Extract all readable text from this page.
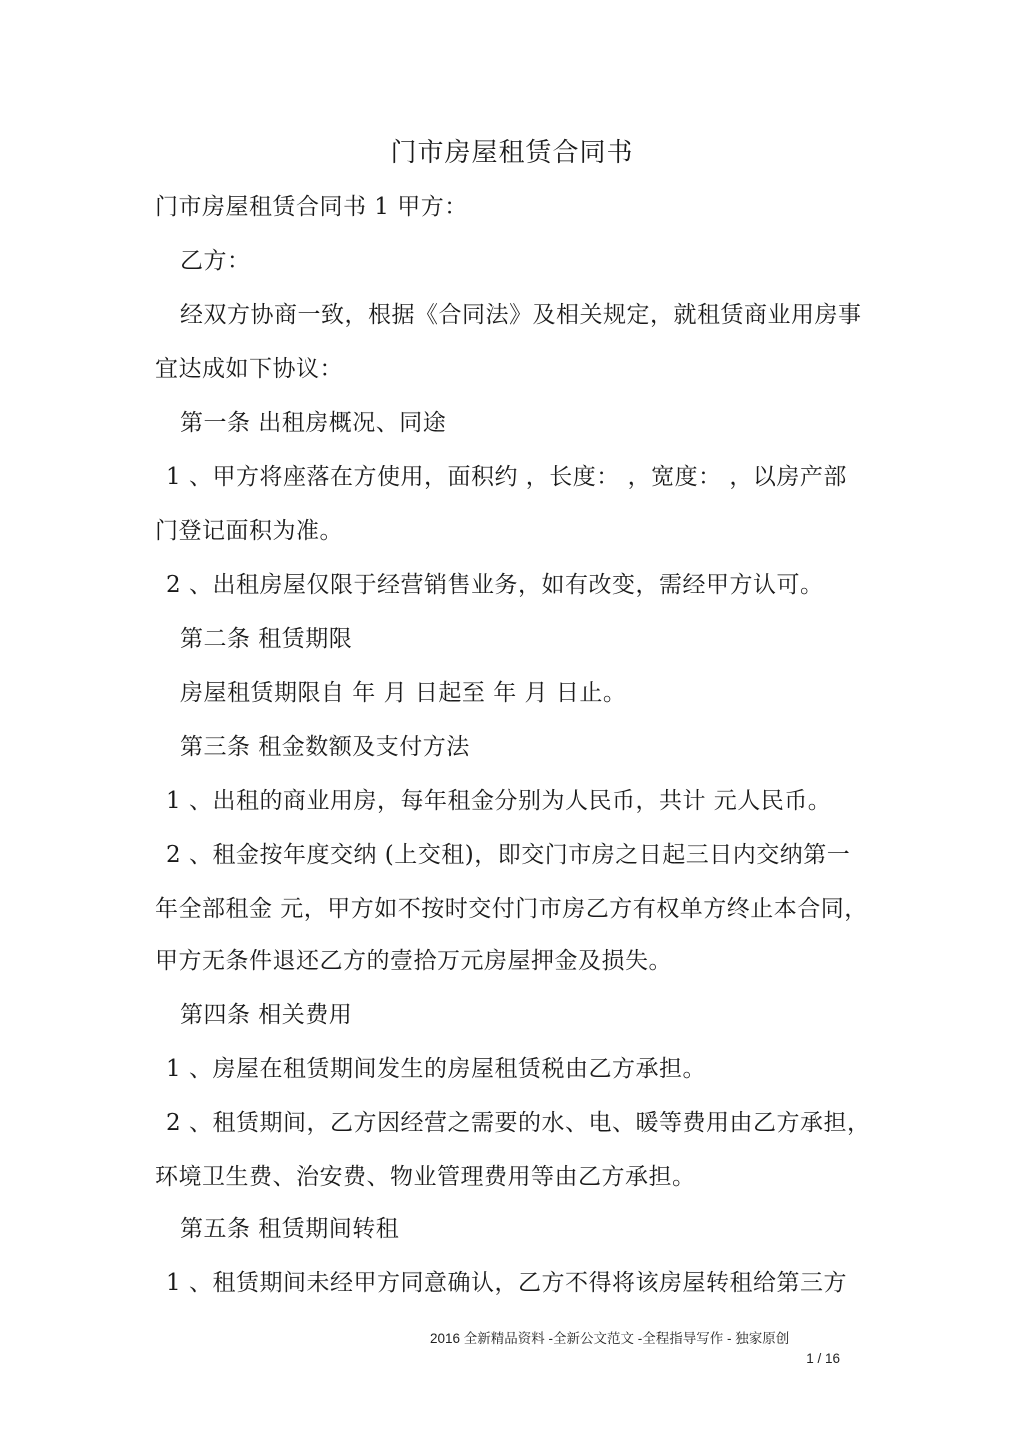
门市房屋租赁合同书
门市房屋租赁合同书 1 甲方：
乙方：
经双方协商一致，根据《合同法》及相关规定，就租赁商业用房事
宜达成如下协议：
第一条 出租房概况、同途
1 、甲方将座落在方使用，面积约 ，长度： ，宽度： ，以房产部
门登记面积为准。
2 、出租房屋仅限于经营销售业务，如有改变，需经甲方认可。
第二条 租赁期限
房屋租赁期限自 年 月 日起至 年 月 日止。
第三条 租金数额及支付方法
1 、出租的商业用房，每年租金分别为人民币，共计 元人民币。
2 、租金按年度交纳 (上交租)，即交门市房之日起三日内交纳第一
年全部租金 元，甲方如不按时交付门市房乙方有权单方终止本合同，
甲方无条件退还乙方的壹拾万元房屋押金及损失。
第四条 相关费用
1 、房屋在租赁期间发生的房屋租赁税由乙方承担。
2 、租赁期间，乙方因经营之需要的水、电、暖等费用由乙方承担，
环境卫生费、治安费、物业管理费用等由乙方承担。
第五条 租赁期间转租
1 、租赁期间未经甲方同意确认，乙方不得将该房屋转租给第三方
2016 全新精品资料 -全新公文范文 -全程指导写作 - 独家原创
1 / 16
